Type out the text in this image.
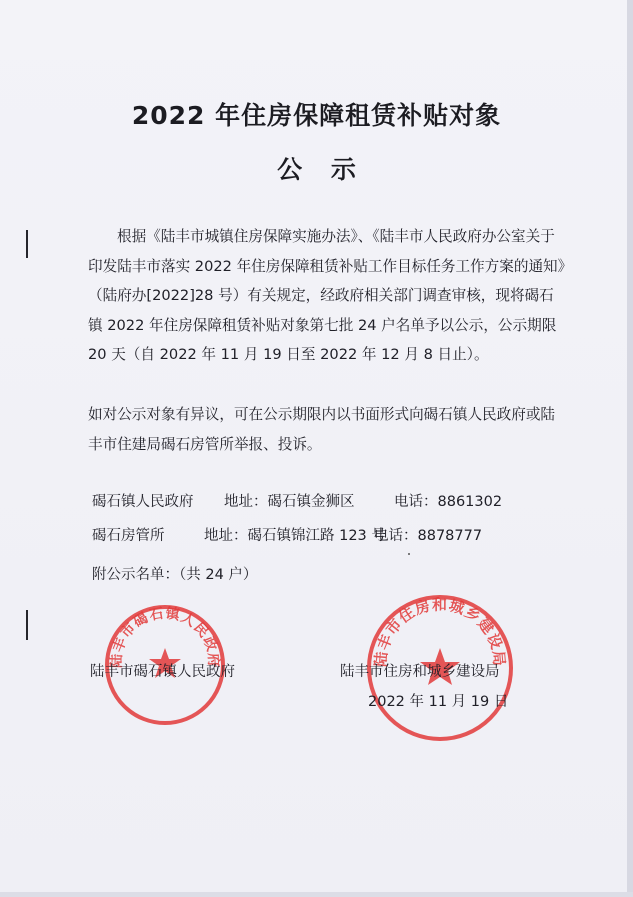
2022 年住房保障租赁补贴对象
公 示
根据《陆丰市城镇住房保障实施办法》、《陆丰市人民政府办公室关于印发陆丰市落实 2022 年住房保障租赁补贴工作目标任务工作方案的通知》（陆府办[2022]28 号）有关规定，经政府相关部门调查审核，现将碣石镇 2022 年住房保障租赁补贴对象第七批 24 户名单予以公示，公示期限 20 天（自 2022 年 11 月 19 日至 2022 年 12 月 8 日止）。
如对公示对象有异议，可在公示期限内以书面形式向碣石镇人民政府或陆丰市住建局碣石房管所举报、投诉。
碣石镇人民政府 地址：碣石镇金狮区	电话：8861302
碣石房管所	地址：碣石镇锦江路 123 号电话：8878777
附公示名单：（共 24 户）
陆丰市碣石镇人民政府	陆丰市住房和城乡建设局
陆丰市碣石镇人民政府	陆丰市住房和城乡建设局
2022 年 11 月 19 日
